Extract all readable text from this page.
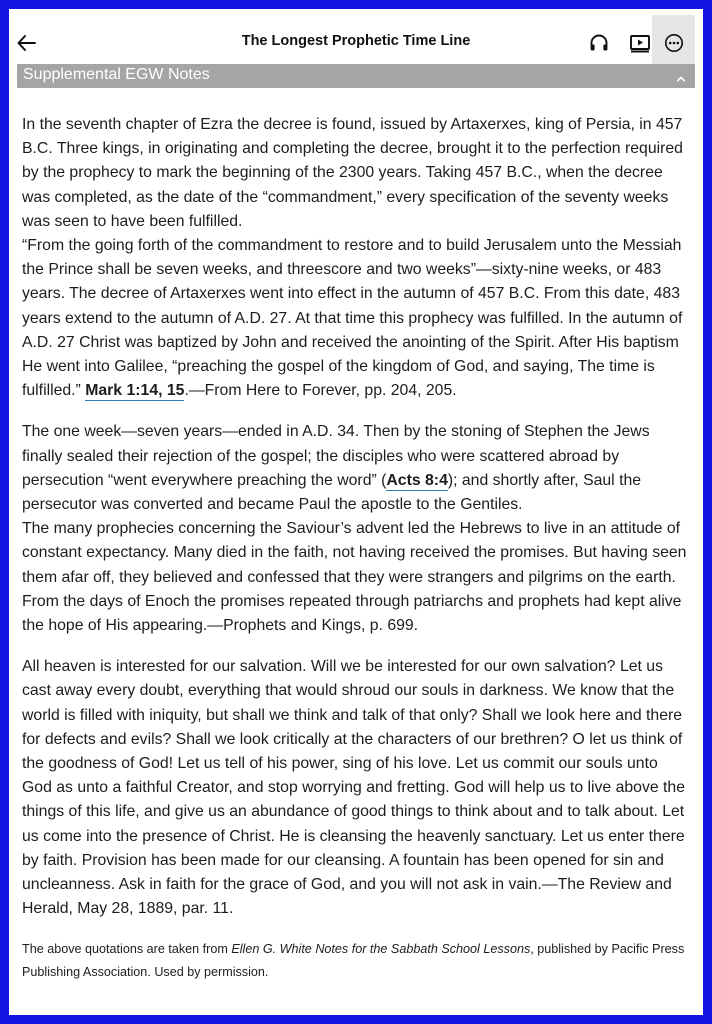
The Longest Prophetic Time Line
Supplemental EGW Notes

In the seventh chapter of Ezra the decree is found, issued by Artaxerxes, king of Persia, in 457 B.C. Three kings, in originating and completing the decree, brought it to the perfection required by the prophecy to mark the beginning of the 2300 years. Taking 457 B.C., when the decree was completed, as the date of the “commandment,” every specification of the seventy weeks was seen to have been fulfilled.

“From the going forth of the commandment to restore and to build Jerusalem unto the Messiah the Prince shall be seven weeks, and threescore and two weeks”—sixty-nine weeks, or 483 years. The decree of Artaxerxes went into effect in the autumn of 457 B.C. From this date, 483 years extend to the autumn of A.D. 27. At that time this prophecy was fulfilled. In the autumn of A.D. 27 Christ was baptized by John and received the anointing of the Spirit. After His baptism He went into Galilee, “preaching the gospel of the kingdom of God, and saying, The time is fulfilled.” Mark 1:14, 15.—From Here to Forever, pp. 204, 205.

The one week—seven years—ended in A.D. 34. Then by the stoning of Stephen the Jews finally sealed their rejection of the gospel; the disciples who were scattered abroad by persecution “went everywhere preaching the word” (Acts 8:4); and shortly after, Saul the persecutor was converted and became Paul the apostle to the Gentiles.

The many prophecies concerning the Saviour’s advent led the Hebrews to live in an attitude of constant expectancy. Many died in the faith, not having received the promises. But having seen them afar off, they believed and confessed that they were strangers and pilgrims on the earth. From the days of Enoch the promises repeated through patriarchs and prophets had kept alive the hope of His appearing.—Prophets and Kings, p. 699.

All heaven is interested for our salvation. Will we be interested for our own salvation? Let us cast away every doubt, everything that would shroud our souls in darkness. We know that the world is filled with iniquity, but shall we think and talk of that only? Shall we look here and there for defects and evils? Shall we look critically at the characters of our brethren? O let us think of the goodness of God! Let us tell of his power, sing of his love. Let us commit our souls unto God as unto a faithful Creator, and stop worrying and fretting. God will help us to live above the things of this life, and give us an abundance of good things to think about and to talk about. Let us come into the presence of Christ. He is cleansing the heavenly sanctuary. Let us enter there by faith. Provision has been made for our cleansing. A fountain has been opened for sin and uncleanness. Ask in faith for the grace of God, and you will not ask in vain.—The Review and Herald, May 28, 1889, par. 11.

The above quotations are taken from Ellen G. White Notes for the Sabbath School Lessons, published by Pacific Press Publishing Association. Used by permission.
